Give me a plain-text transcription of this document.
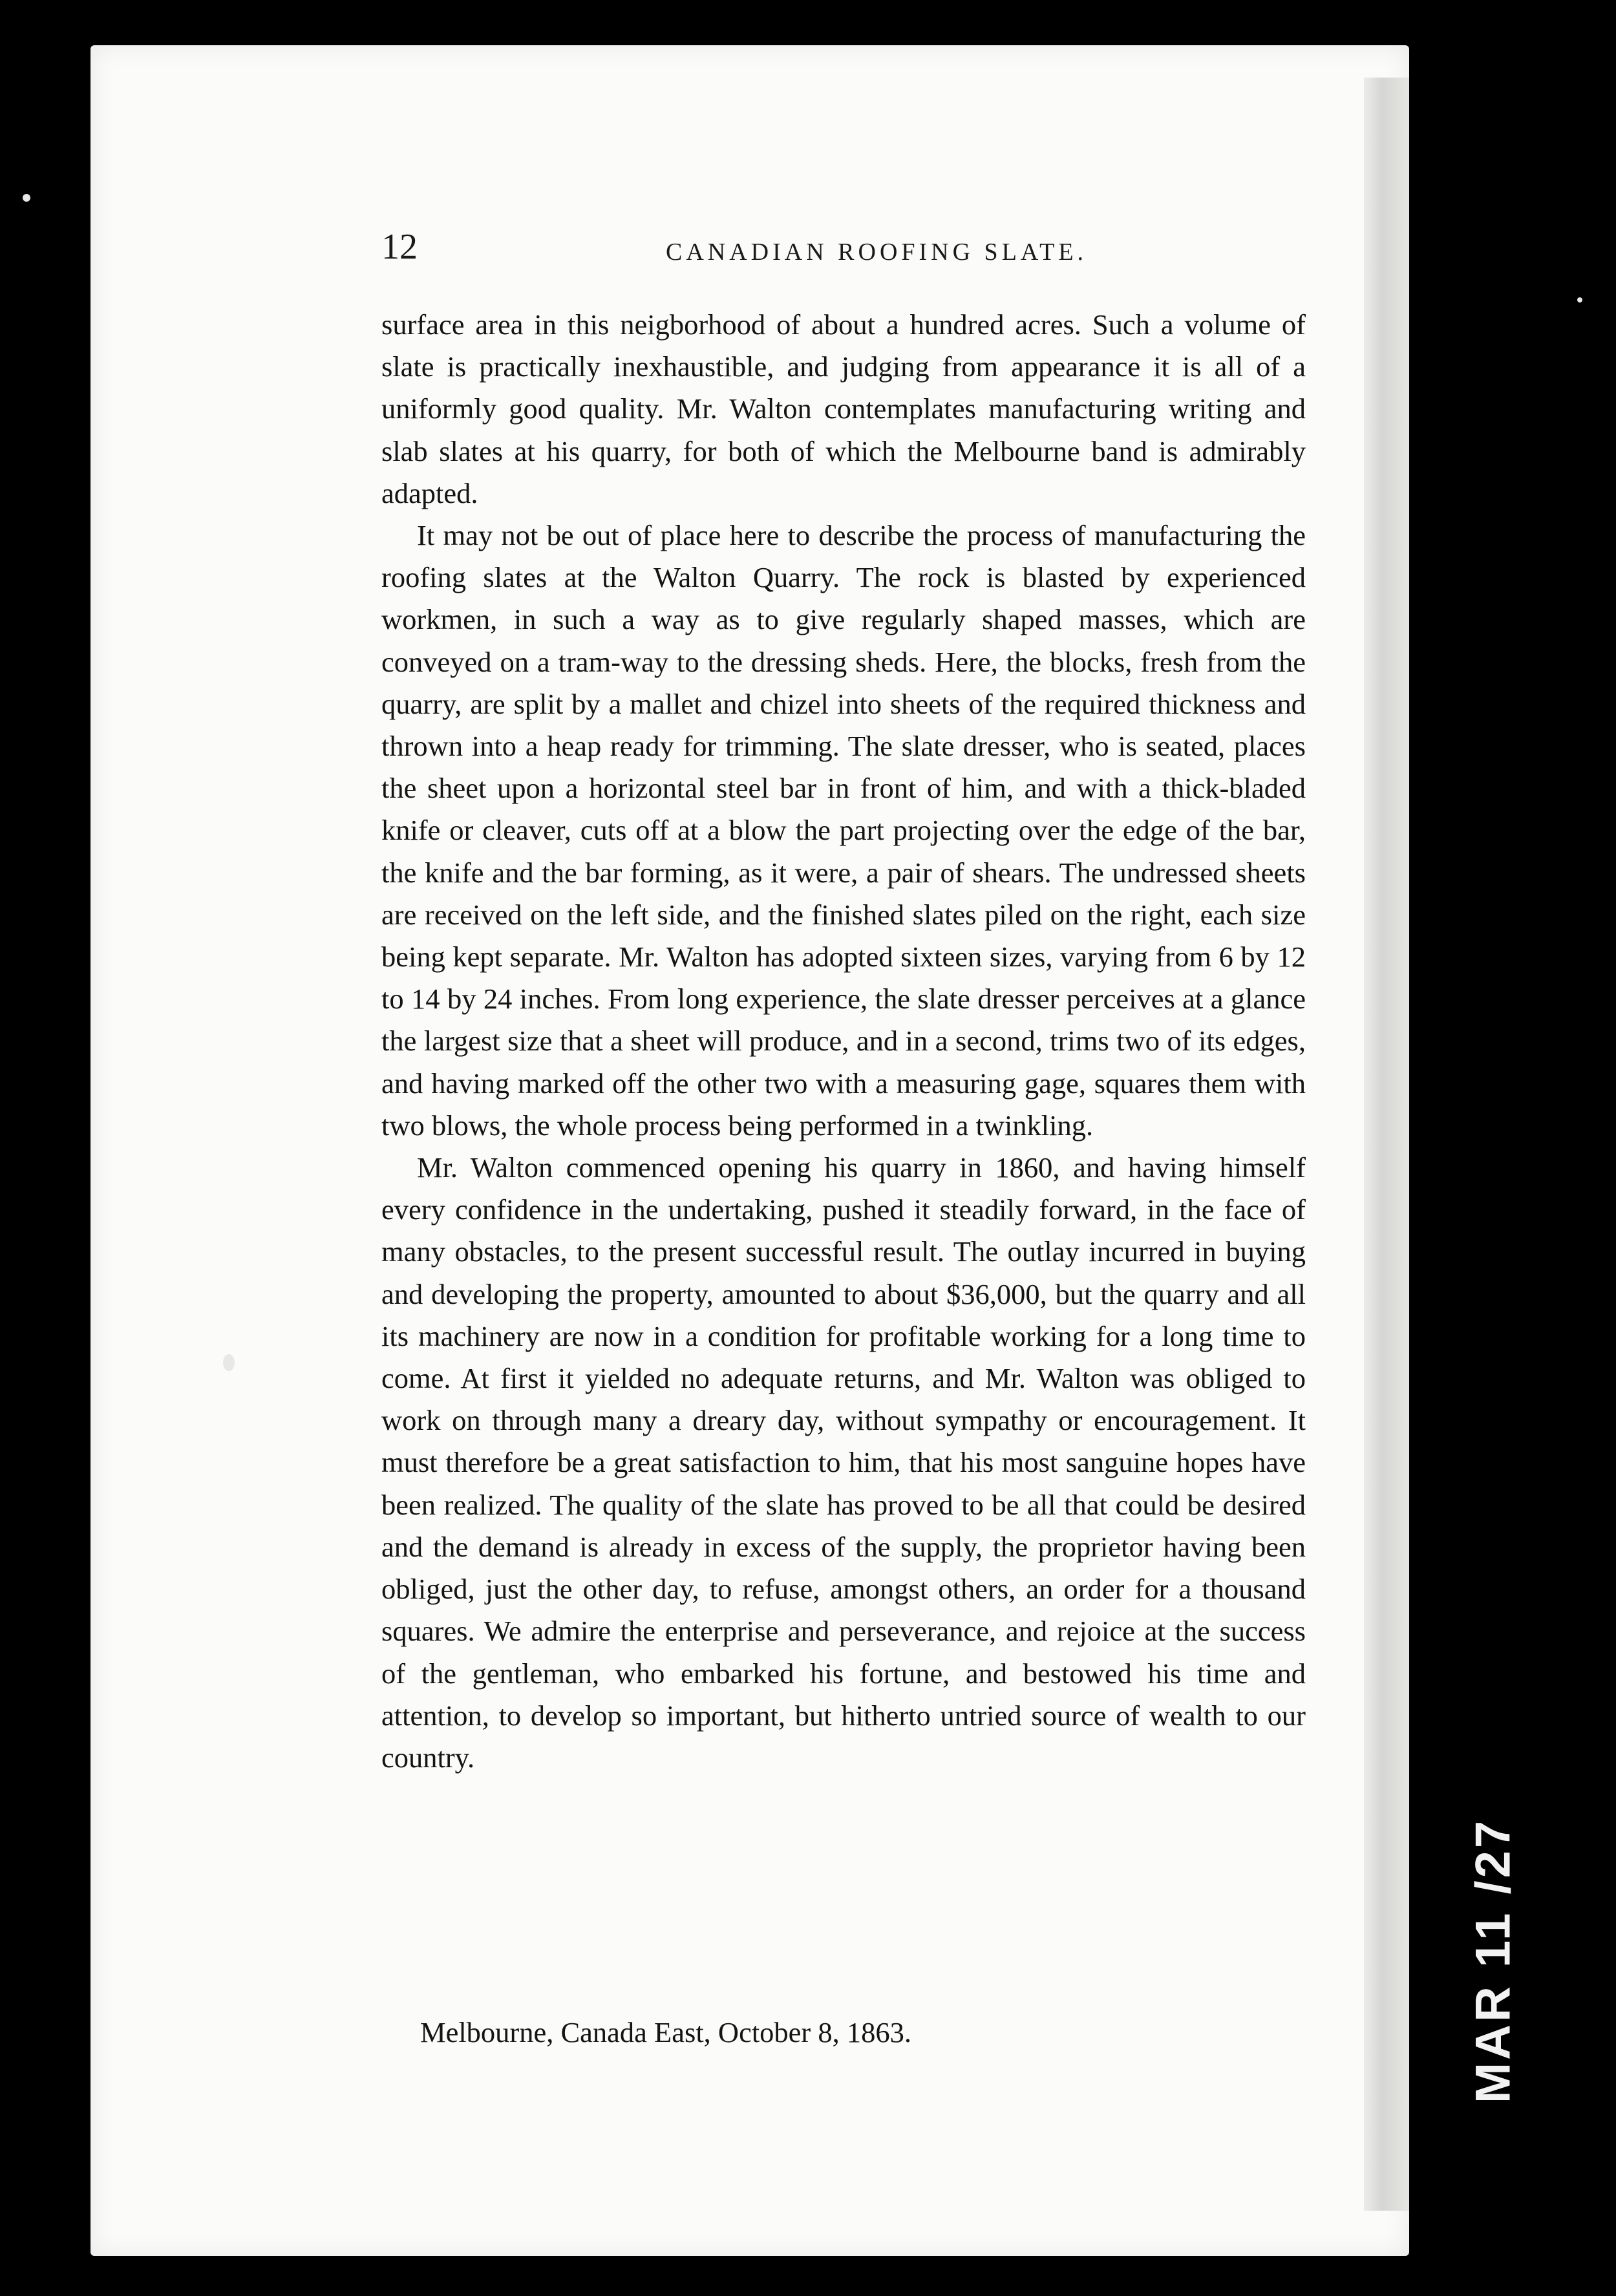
12	CANADIAN ROOFING SLATE.

surface area in this neigborhood of about a hundred acres. Such a volume of slate is practically inexhaustible, and judging from appearance it is all of a uniformly good quality. Mr. Walton contemplates manufacturing writing and slab slates at his quarry, for both of which the Melbourne band is admirably adapted.

It may not be out of place here to describe the process of manufacturing the roofing slates at the Walton Quarry. The rock is blasted by experienced workmen, in such a way as to give regularly shaped masses, which are conveyed on a tram-way to the dressing sheds. Here, the blocks, fresh from the quarry, are split by a mallet and chizel into sheets of the required thickness and thrown into a heap ready for trimming. The slate dresser, who is seated, places the sheet upon a horizontal steel bar in front of him, and with a thick-bladed knife or cleaver, cuts off at a blow the part projecting over the edge of the bar, the knife and the bar forming, as it were, a pair of shears. The undressed sheets are received on the left side, and the finished slates piled on the right, each size being kept separate. Mr. Walton has adopted sixteen sizes, varying from 6 by 12 to 14 by 24 inches. From long experience, the slate dresser perceives at a glance the largest size that a sheet will produce, and in a second, trims two of its edges, and having marked off the other two with a measuring gage, squares them with two blows, the whole process being performed in a twinkling.

Mr. Walton commenced opening his quarry in 1860, and having himself every confidence in the undertaking, pushed it steadily forward, in the face of many obstacles, to the present successful result. The outlay incurred in buying and developing the property, amounted to about $36,000, but the quarry and all its machinery are now in a condition for profitable working for a long time to come. At first it yielded no adequate returns, and Mr. Walton was obliged to work on through many a dreary day, without sympathy or encouragement. It must therefore be a great satisfaction to him, that his most sanguine hopes have been realized. The quality of the slate has proved to be all that could be desired and the demand is already in excess of the supply, the proprietor having been obliged, just the other day, to refuse, amongst others, an order for a thousand squares. We admire the enterprise and perseverance, and rejoice at the success of the gentleman, who embarked his fortune, and bestowed his time and attention, to develop so important, but hitherto untried source of wealth to our country.

Melbourne, Canada East, October 8, 1863.	MAR 11 /27
